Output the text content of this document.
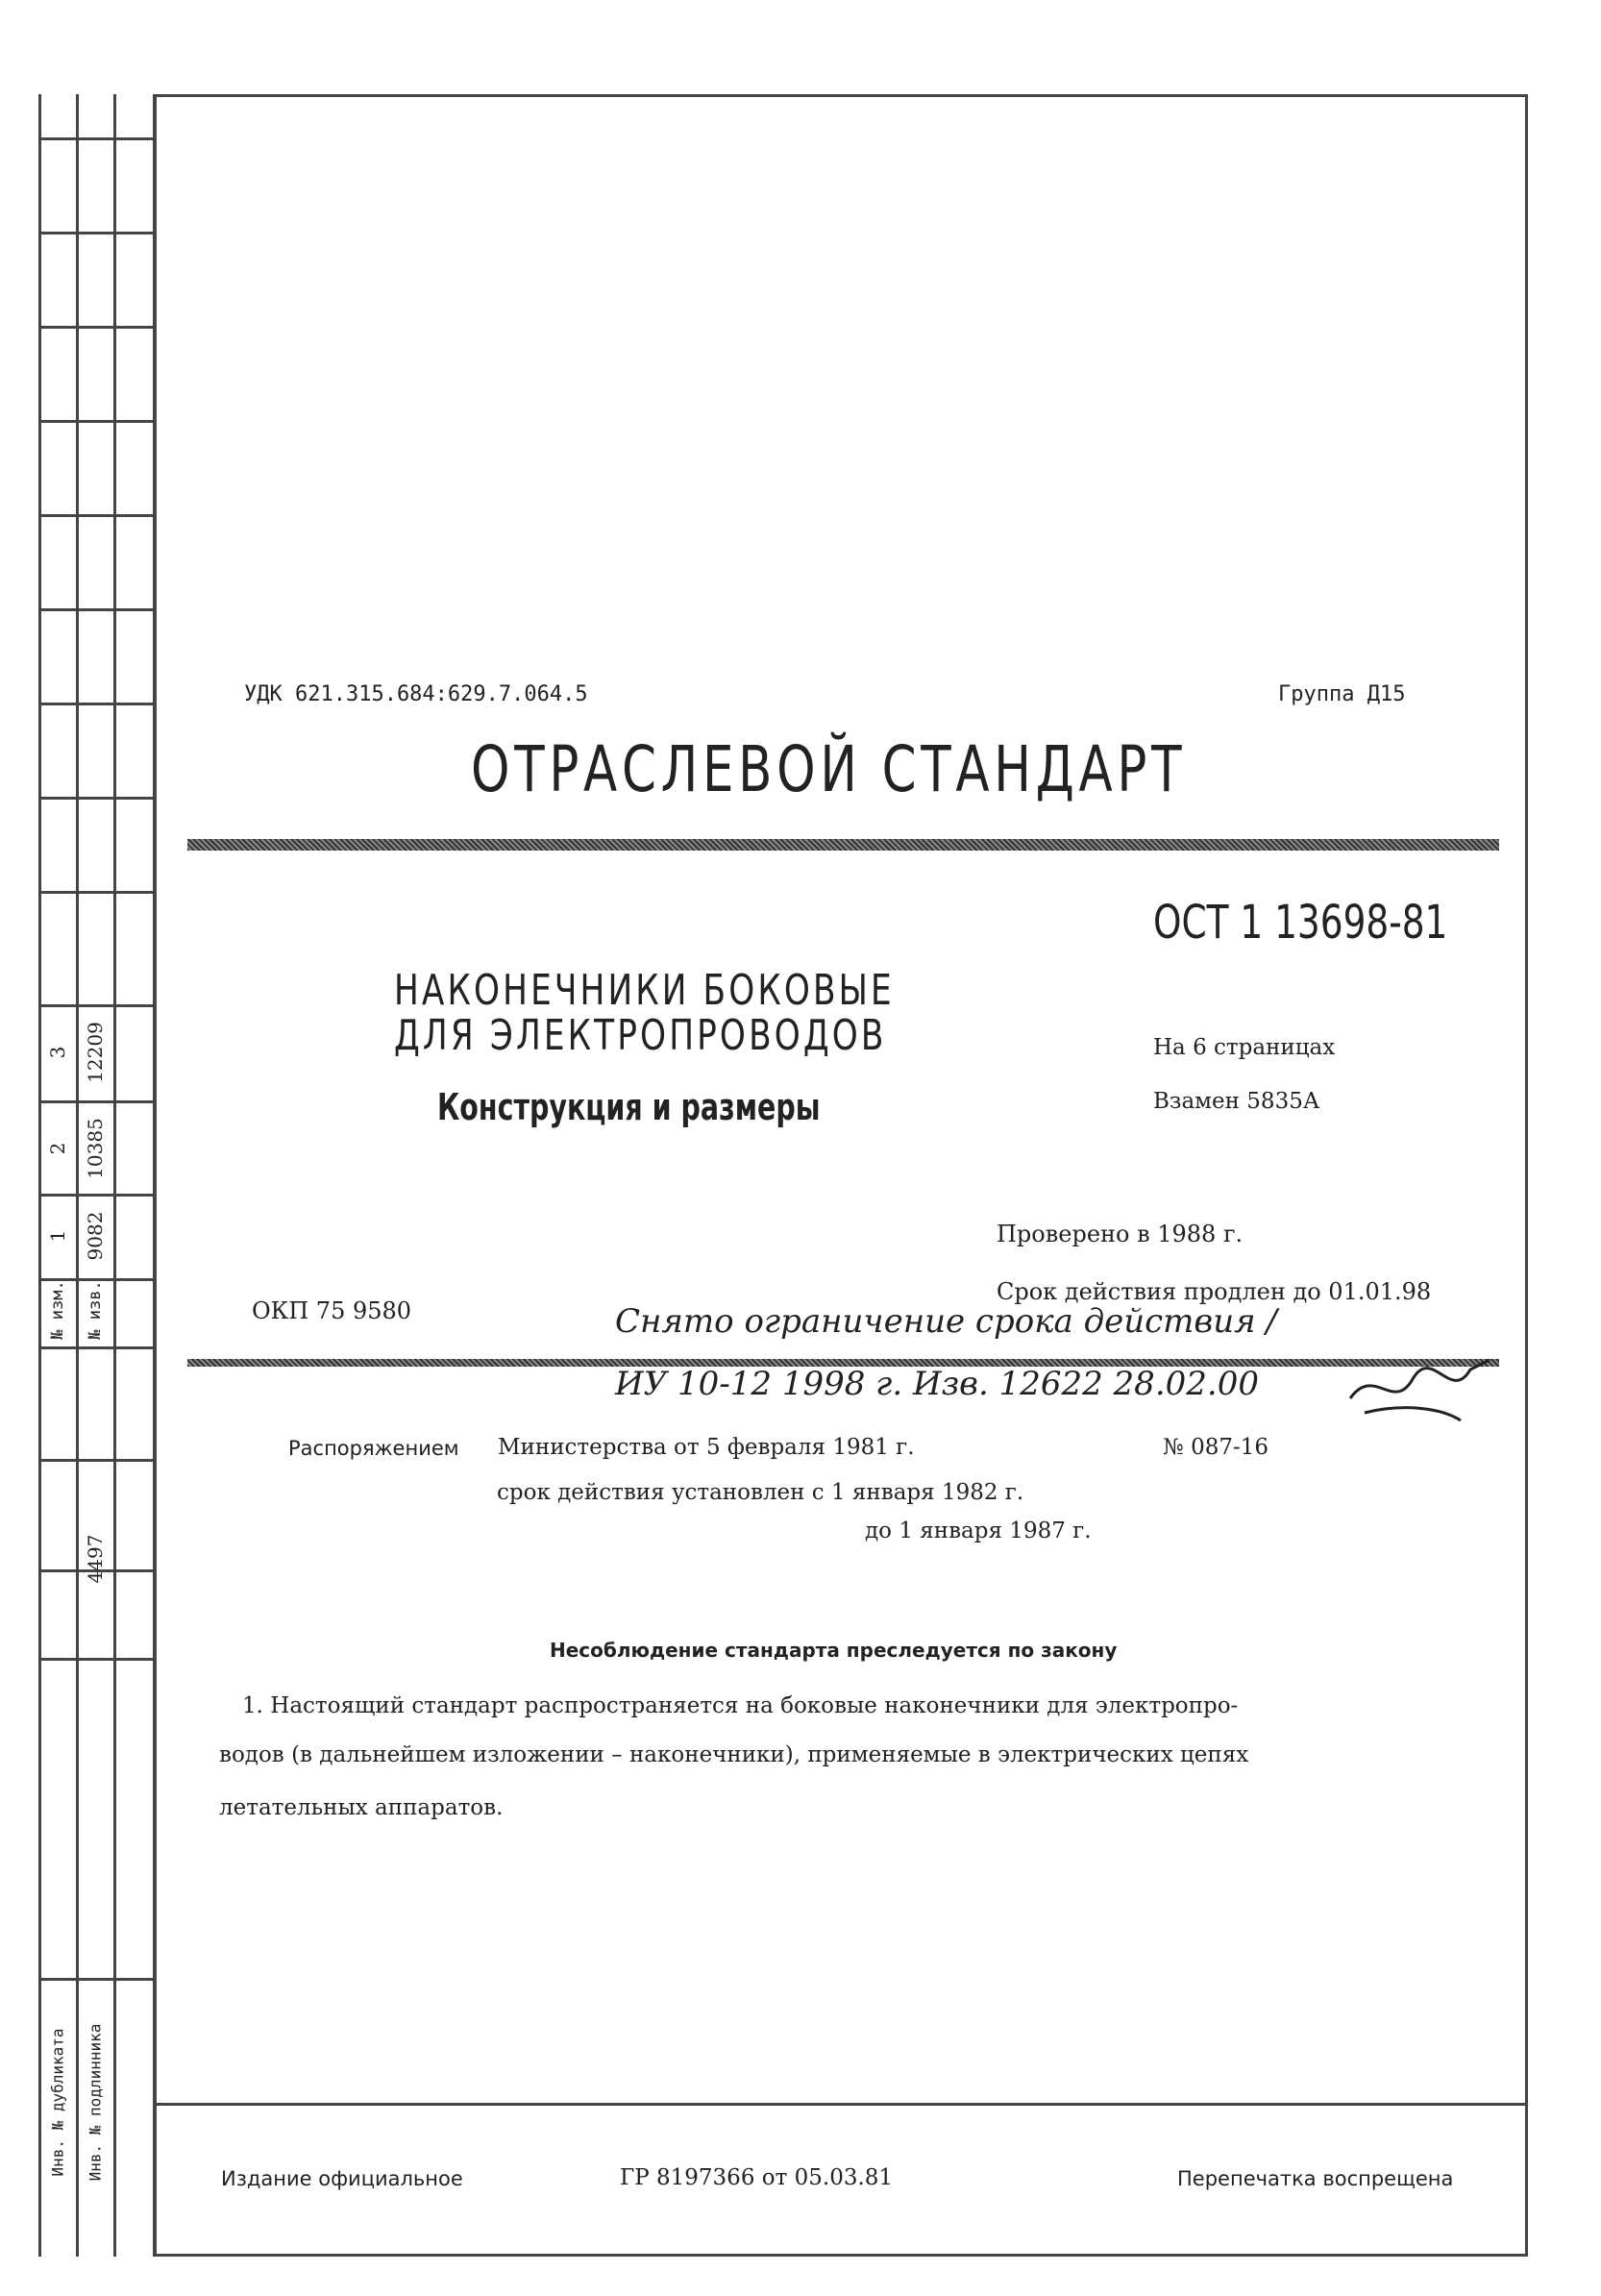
3 12209
2 10385
1 9082
№ изм. № изв.
4497
Инв. № дубликата Инв. № подлинника
УДК 621.315.684:629.7.064.5	Группа Д15
ОТРАСЛЕВОЙ СТАНДАРТ
ОСТ 1 13698-81
НАКОНЕЧНИКИ БОКОВЫЕ
ДЛЯ ЭЛЕКТРОПРОВОДОВ
Конструкция и размеры
На 6 страницах
Взамен 5835А
Проверено в 1988 г.
Срок действия продлен до 01.01.98
ОКП 75 9580	Снято ограничение срока действия /
ИУ 10-12 1998 г. Изв. 12622 28.02.00
Распоряжением Министерства от 5 февраля 1981 г.	№ 087-16
срок действия установлен с 1 января 1982 г.
до 1 января 1987 г.
Несоблюдение стандарта преследуется по закону
1. Настоящий стандарт распространяется на боковые наконечники для электропро-
водов (в дальнейшем изложении – наконечники), применяемые в электрических цепях
летательных аппаратов.
Издание официальное	ГР 8197366 от 05.03.81	Перепечатка воспрещена
